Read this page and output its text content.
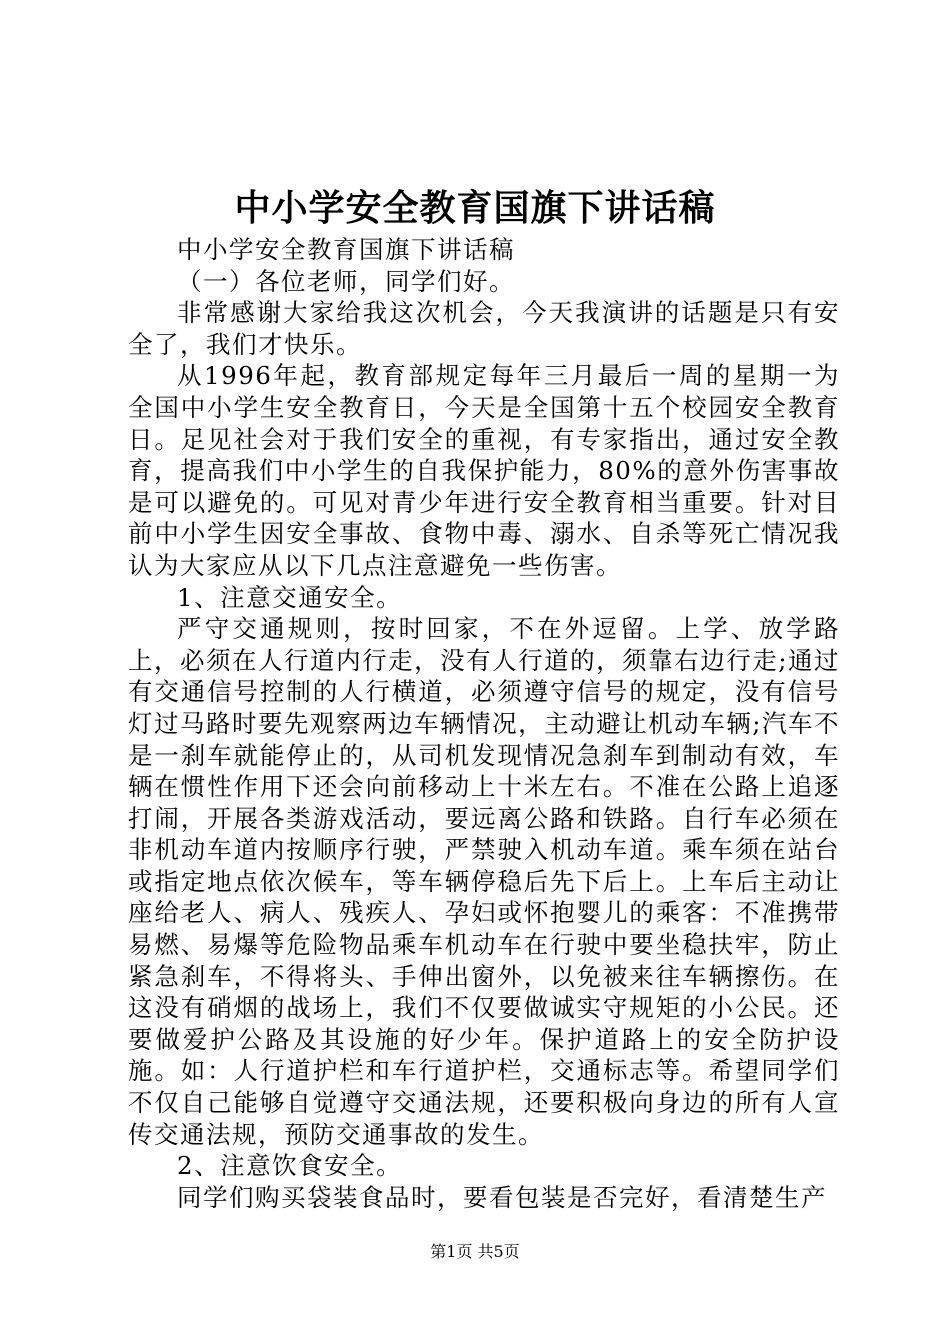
中小学安全教育国旗下讲话稿

中小学安全教育国旗下讲话稿

（一）各位老师，同学们好。

非常感谢大家给我这次机会，今天我演讲的话题是只有安全了，我们才快乐。

从1996年起，教育部规定每年三月最后一周的星期一为全国中小学生安全教育日，今天是全国第十五个校园安全教育日。足见社会对于我们安全的重视，有专家指出，通过安全教育，提高我们中小学生的自我保护能力，80%的意外伤害事故是可以避免的。可见对青少年进行安全教育相当重要。针对目前中小学生因安全事故、食物中毒、溺水、自杀等死亡情况我认为大家应从以下几点注意避免一些伤害。

1、注意交通安全。

严守交通规则，按时回家，不在外逗留。上学、放学路上，必须在人行道内行走，没有人行道的，须靠右边行走;通过有交通信号控制的人行横道，必须遵守信号的规定，没有信号灯过马路时要先观察两边车辆情况，主动避让机动车辆;汽车不是一刹车就能停止的，从司机发现情况急刹车到制动有效，车辆在惯性作用下还会向前移动上十米左右。不准在公路上追逐打闹，开展各类游戏活动，要远离公路和铁路。自行车必须在非机动车道内按顺序行驶，严禁驶入机动车道。乘车须在站台或指定地点依次候车，等车辆停稳后先下后上。上车后主动让座给老人、病人、残疾人、孕妇或怀抱婴儿的乘客：不准携带易燃、易爆等危险物品乘车机动车在行驶中要坐稳扶牢，防止紧急刹车，不得将头、手伸出窗外，以免被来往车辆擦伤。在这没有硝烟的战场上，我们不仅要做诚实守规矩的小公民。还要做爱护公路及其设施的好少年。保护道路上的安全防护设施。如：人行道护栏和车行道护栏，交通标志等。希望同学们不仅自己能够自觉遵守交通法规，还要积极向身边的所有人宣传交通法规，预防交通事故的发生。

2、注意饮食安全。

同学们购买袋装食品时，要看包装是否完好，看清楚生产

第1页 共5页
